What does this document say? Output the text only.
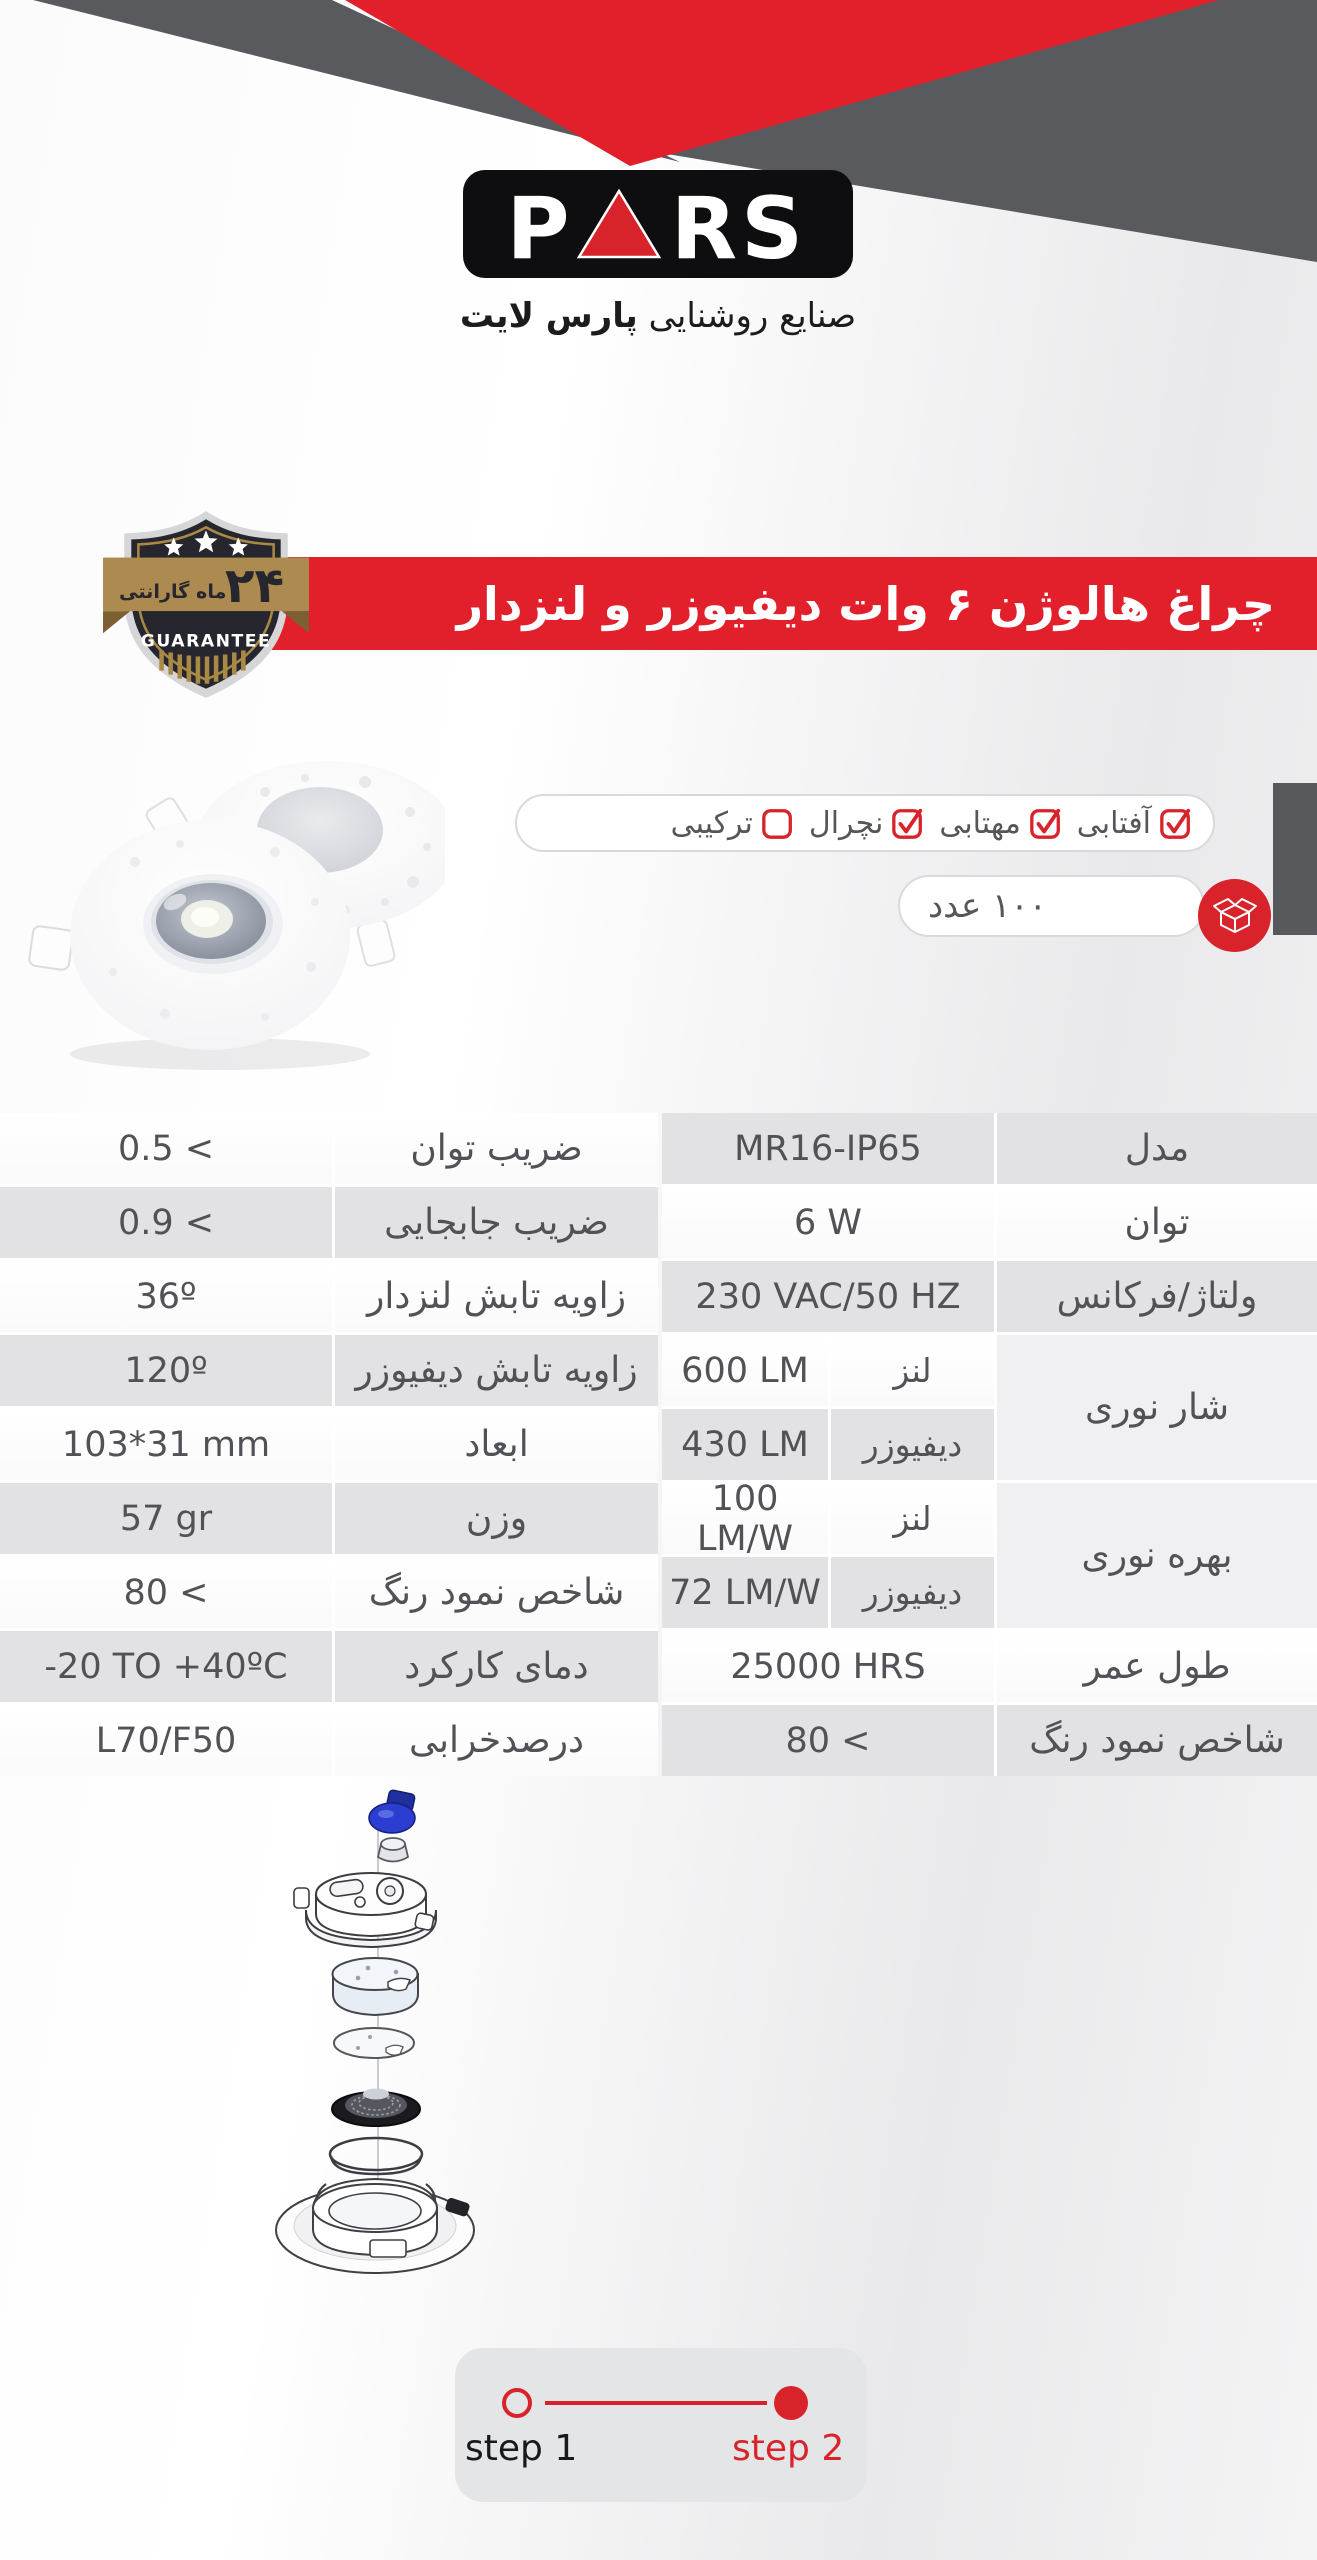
P RS
صنایع روشنایی پارس لایت
چراغ هالوژن ۶ وات دیفیوزر و لنزدار
۲۴
ماه گارانتی
GUARANTEE
آفتابی
مهتابی
نچرال
ترکیبی
۱۰۰ عدد
مدل
MR16-IP65
توان
6 W
ولتاژ/فرکانس
230 VAC/50 HZ
شار نوری
لنز
600 LM
دیفیوزر
430 LM
بهره نوری
لنز
100 LM/W
دیفیوزر
72 LM/W
طول عمر
25000 HRS
شاخص نمود رنگ
80 <
ضریب توان
0.5 <
ضریب جابجایی
0.9 <
زاویه تابش لنزدار
36º
زاویه تابش دیفیوزر
120º
ابعاد
103*31 mm
وزن
57 gr
شاخص نمود رنگ
80 <
دمای کارکرد
-20 TO +40ºC
درصدخرابی
L70/F50
step 1	step 2
